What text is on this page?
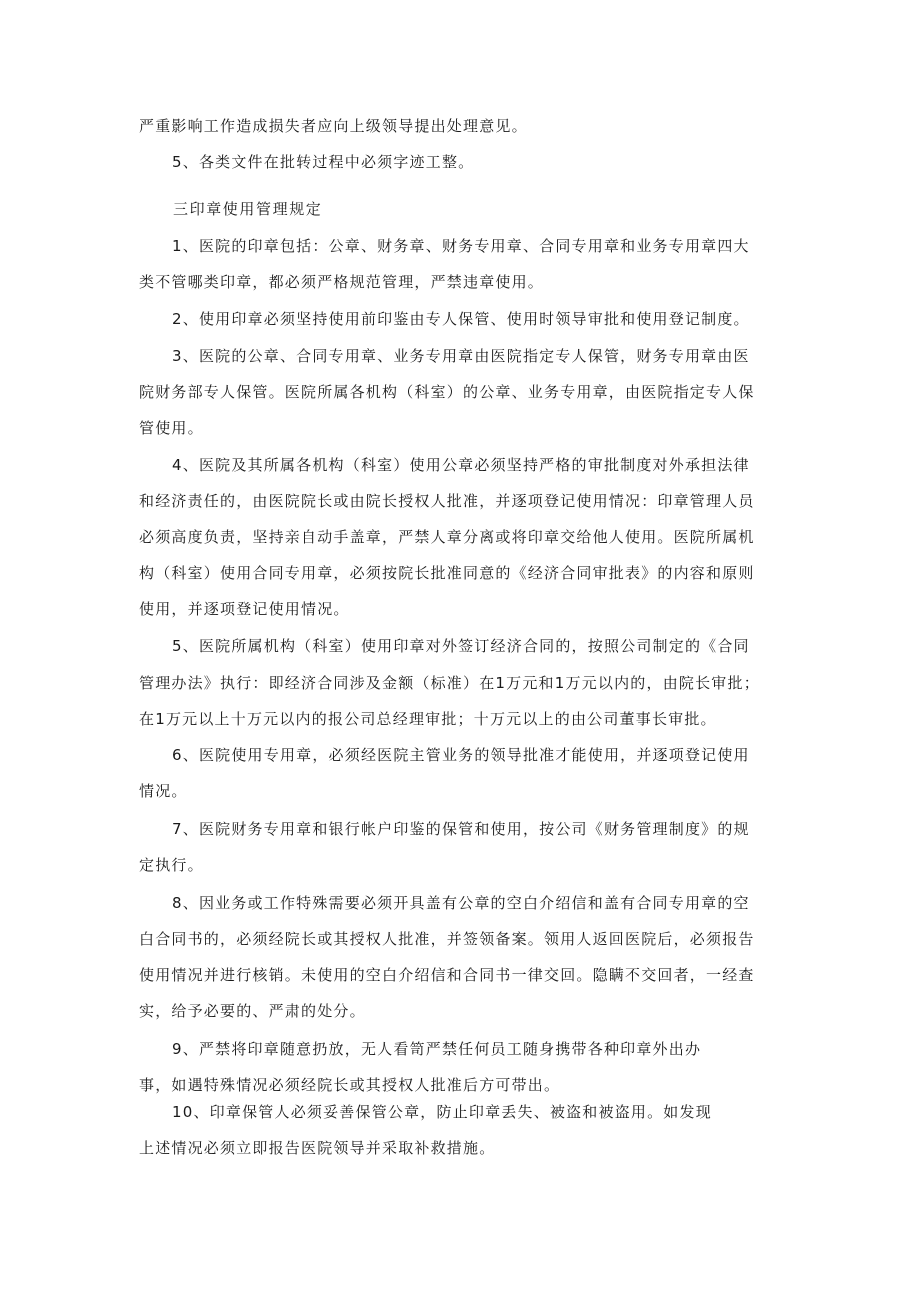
严重影响工作造成损失者应向上级领导提出处理意见。
5、各类文件在批转过程中必须字迹工整。
三印章使用管理规定
1、医院的印章包括：公章、财务章、财务专用章、合同专用章和业务专用章四大
类不管哪类印章，都必须严格规范管理，严禁违章使用。
2、使用印章必须坚持使用前印鉴由专人保管、使用时领导审批和使用登记制度。
3、医院的公章、合同专用章、业务专用章由医院指定专人保管，财务专用章由医
院财务部专人保管。医院所属各机构（科室）的公章、业务专用章，由医院指定专人保
管使用。
4、医院及其所属各机构（科室）使用公章必须坚持严格的审批制度对外承担法律
和经济责任的，由医院院长或由院长授权人批准，并逐项登记使用情况：印章管理人员
必须高度负责，坚持亲自动手盖章，严禁人章分离或将印章交给他人使用。医院所属机
构（科室）使用合同专用章，必须按院长批准同意的《经济合同审批表》的内容和原则
使用，并逐项登记使用情况。
5、医院所属机构（科室）使用印章对外签订经济合同的，按照公司制定的《合同
管理办法》执行：即经济合同涉及金额（标准）在1万元和1万元以内的，由院长审批；
在1万元以上十万元以内的报公司总经理审批；十万元以上的由公司董事长审批。
6、医院使用专用章，必须经医院主管业务的领导批准才能使用，并逐项登记使用
情况。
7、医院财务专用章和银行帐户印鉴的保管和使用，按公司《财务管理制度》的规
定执行。
8、因业务或工作特殊需要必须开具盖有公章的空白介绍信和盖有合同专用章的空
白合同书的，必须经院长或其授权人批准，并签领备案。领用人返回医院后，必须报告
使用情况并进行核销。未使用的空白介绍信和合同书一律交回。隐瞒不交回者，一经查
实，给予必要的、严肃的处分。
9、严禁将印章随意扔放，无人看笥严禁任何员工随身携带各种印章外出办
事，如遇特殊情况必须经院长或其授权人批准后方可带出。
10、印章保管人必须妥善保管公章，防止印章丢失、被盗和被盗用。如发现
上述情况必须立即报告医院领导并采取补救措施。
